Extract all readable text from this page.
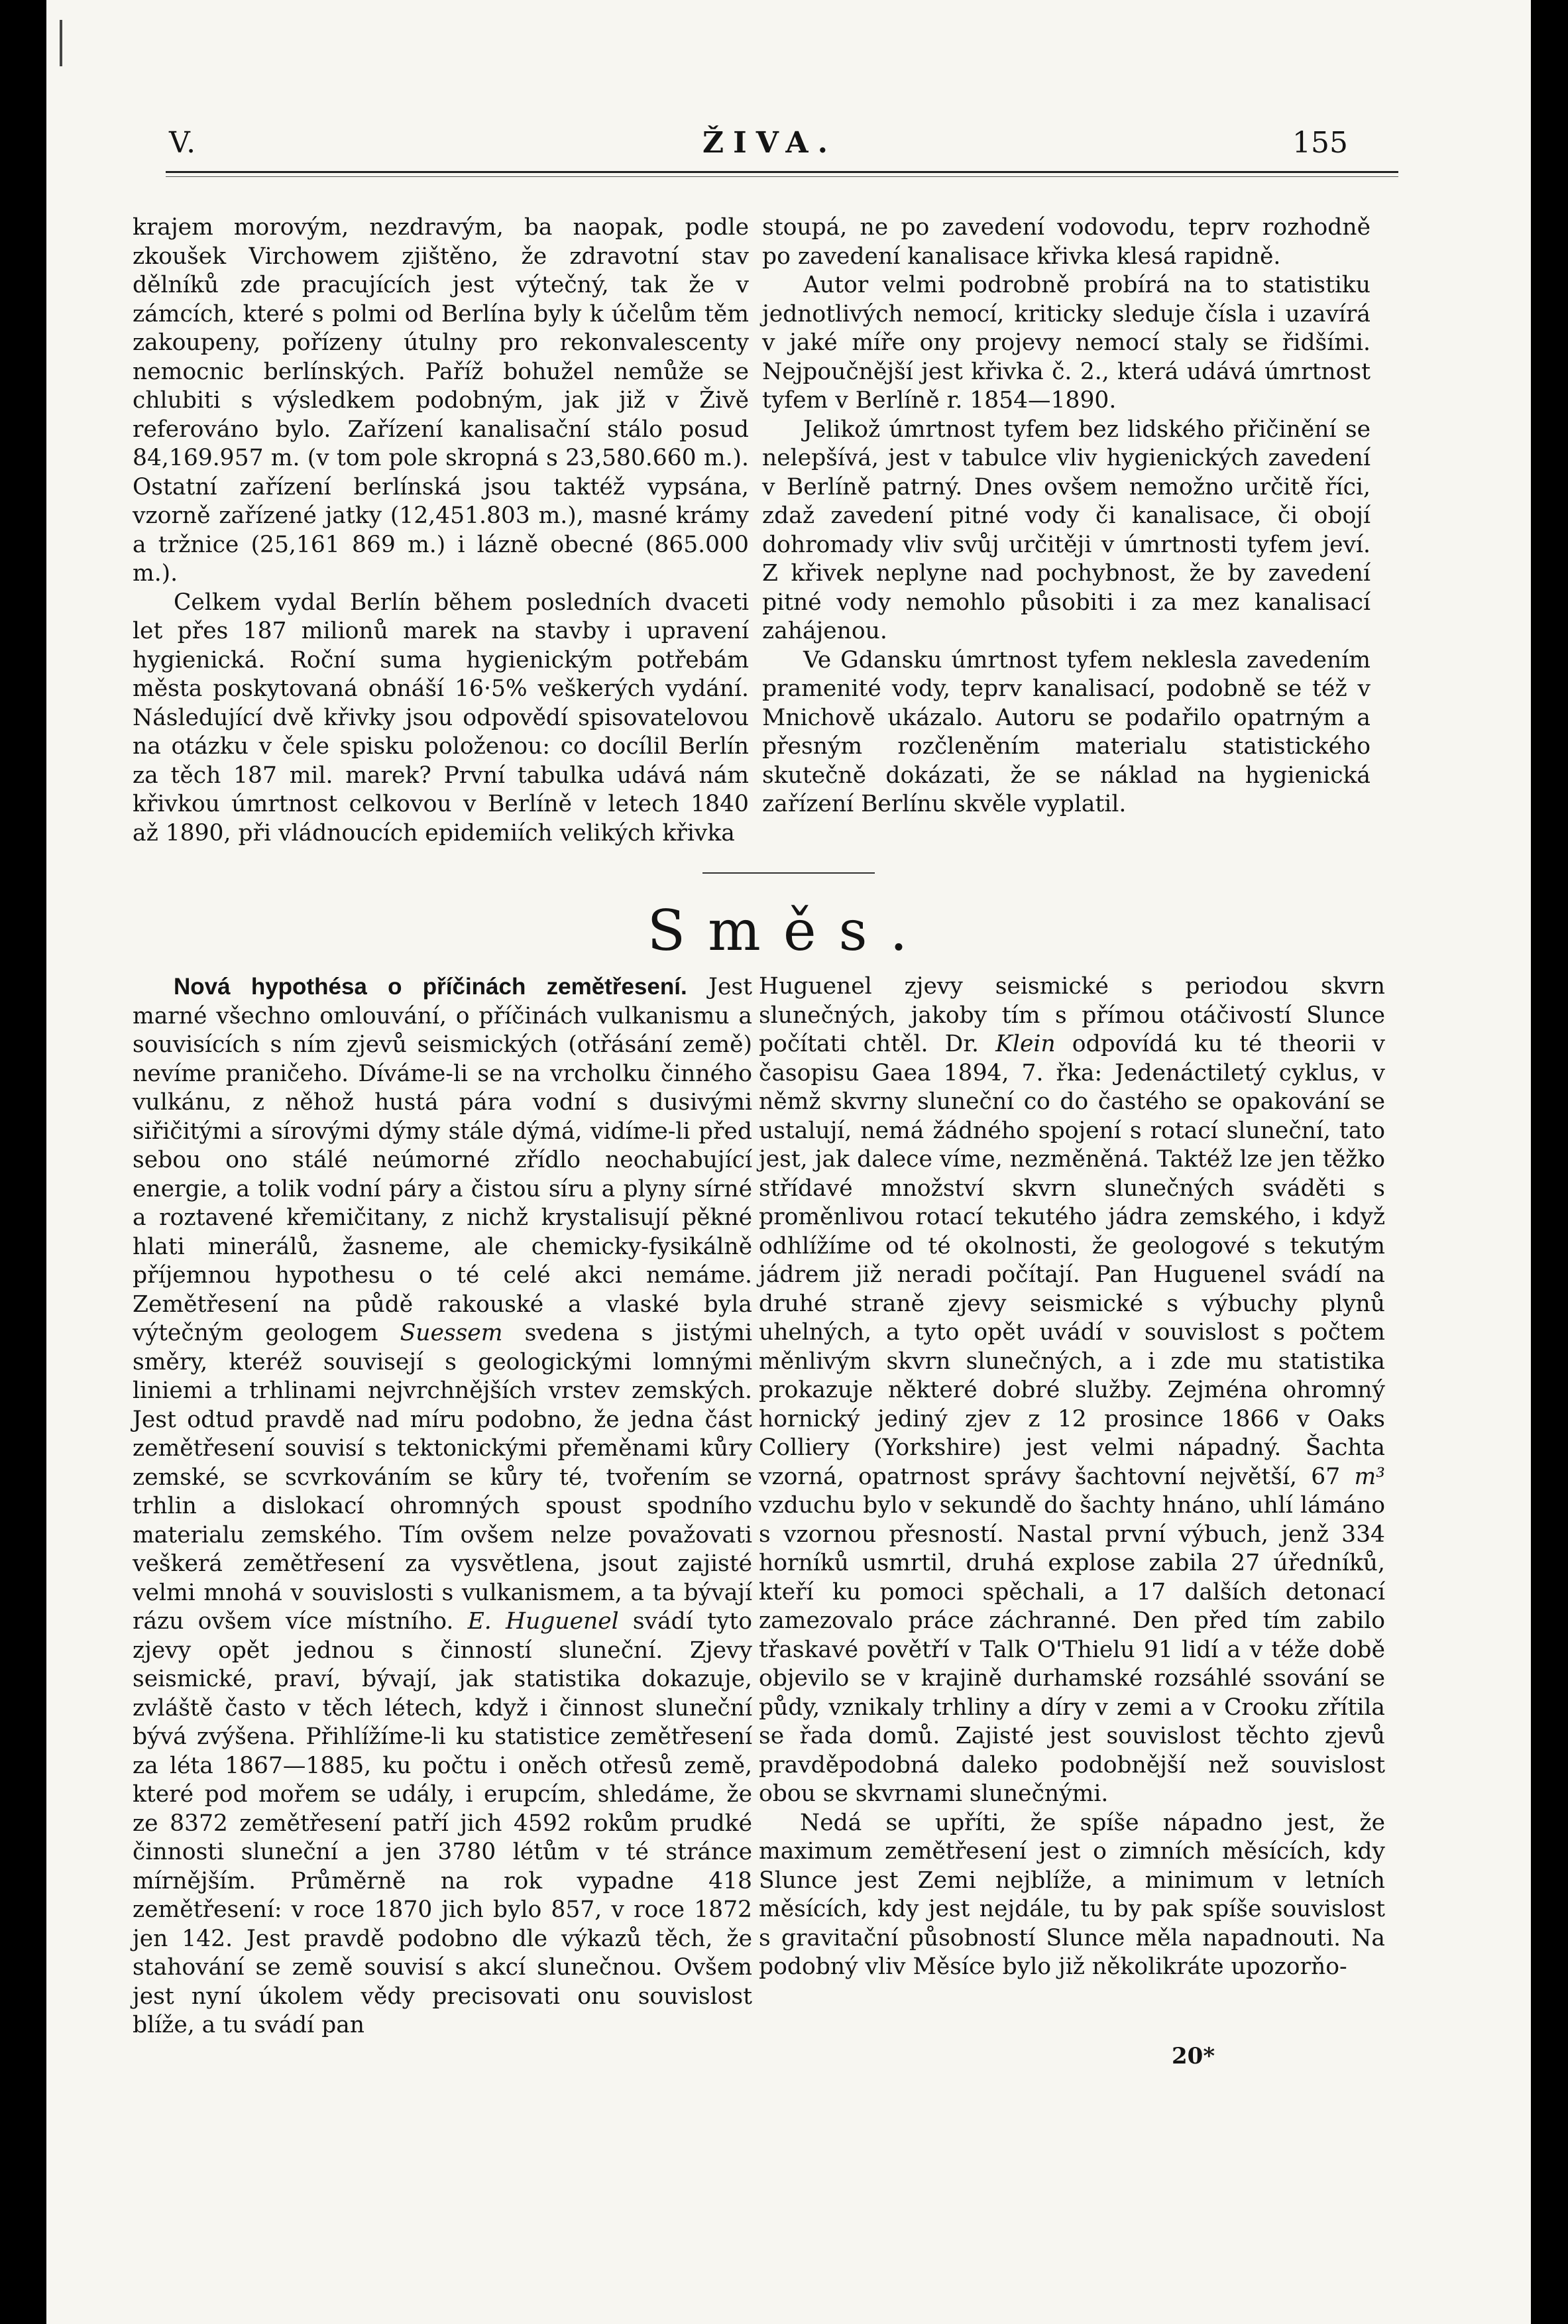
V.	ŽIVA.	155

krajem morovým, nezdravým, ba naopak, podle zkoušek Virchowem zjištěno, že zdravotní stav dělníků zde pracujících jest výtečný, tak že v zámcích, které s polmi od Berlína byly k účelům těm zakoupeny, pořízeny útulny pro rekonvalescenty nemocnic berlínských. Paříž bohužel nemůže se chlubiti s výsledkem podobným, jak již v Živě referováno bylo. Zařízení kanalisační stálo posud 84,169.957 m. (v tom pole skropná s 23,580.660 m.). Ostatní zařízení berlínská jsou taktéž vypsána, vzorně zařízené jatky (12,451.803 m.), masné krámy a tržnice (25,161 869 m.) i lázně obecné (865.000 m.).

Celkem vydal Berlín během posledních dvaceti let přes 187 milionů marek na stavby i upravení hygienická. Roční suma hygienickým potřebám města poskytovaná obnáší 16·5% veškerých vydání. Následující dvě křivky jsou odpovědí spisovatelovou na otázku v čele spisku položenou: co docílil Berlín za těch 187 mil. marek? První tabulka udává nám křivkou úmrtnost celkovou v Berlíně v letech 1840 až 1890, při vládnoucích epidemiích velikých křivka

stoupá, ne po zavedení vodovodu, teprv rozhodně po zavedení kanalisace křivka klesá rapidně.

Autor velmi podrobně probírá na to statistiku jednotlivých nemocí, kriticky sleduje čísla i uzavírá v jaké míře ony projevy nemocí staly se řidšími. Nejpoučnější jest křivka č. 2., která udává úmrtnost tyfem v Berlíně r. 1854—1890.

Jelikož úmrtnost tyfem bez lidského přičinění se nelepšívá, jest v tabulce vliv hygienických zavedení v Berlíně patrný. Dnes ovšem nemožno určitě říci, zdaž zavedení pitné vody či kanalisace, či obojí dohromady vliv svůj určitěji v úmrtnosti tyfem jeví. Z křivek neplyne nad pochybnost, že by zavedení pitné vody nemohlo působiti i za mez kanalisací zahájenou.

Ve Gdansku úmrtnost tyfem neklesla zavedením pramenité vody, teprv kanalisací, podobně se též v Mnichově ukázalo. Autoru se podařilo opatrným a přesným rozčleněním materialu statistického skutečně dokázati, že se náklad na hygienická zařízení Berlínu skvěle vyplatil.

Směs.

Nová hypothésa o příčinách zemětřesení. Jest marné všechno omlouvání, o příčinách vulkanismu a souvisících s ním zjevů seismických (otřásání země) nevíme praničeho. Díváme-li se na vrcholku činného vulkánu, z něhož hustá pára vodní s dusivými siřičitými a sírovými dýmy stále dýmá, vidíme-li před sebou ono stálé neúmorné zřídlo neochabující energie, a tolik vodní páry a čistou síru a plyny sírné a roztavené křemičitany, z nichž krystalisují pěkné hlati minerálů, žasneme, ale chemicky-fysikálně příjemnou hypothesu o té celé akci nemáme. Zemětřesení na půdě rakouské a vlaské byla výtečným geologem Suessem svedena s jistými směry, kteréž souvisejí s geologickými lomnými liniemi a trhlinami nejvrchnějších vrstev zemských. Jest odtud pravdě nad míru podobno, že jedna část zemětřesení souvisí s tektonickými přeměnami kůry zemské, se scvrkováním se kůry té, tvořením se trhlin a dislokací ohromných spoust spodního materialu zemského. Tím ovšem nelze považovati veškerá zemětřesení za vysvětlena, jsout zajisté velmi mnohá v souvislosti s vulkanismem, a ta bývají rázu ovšem více místního. E. Huguenel svádí tyto zjevy opět jednou s činností sluneční. Zjevy seismické, praví, bývají, jak statistika dokazuje, zvláště často v těch létech, když i činnost sluneční bývá zvýšena. Přihlížíme-li ku statistice zemětřesení za léta 1867—1885, ku počtu i oněch otřesů země, které pod mořem se udály, i erupcím, shledáme, že ze 8372 zemětřesení patří jich 4592 rokům prudké činnosti sluneční a jen 3780 létům v té stránce mírnějším. Průměrně na rok vypadne 418 zemětřesení: v roce 1870 jich bylo 857, v roce 1872 jen 142. Jest pravdě podobno dle výkazů těch, že stahování se země souvisí s akcí slunečnou. Ovšem jest nyní úkolem vědy precisovati onu souvislost blíže, a tu svádí pan

Huguenel zjevy seismické s periodou skvrn slunečných, jakoby tím s přímou otáčivostí Slunce počítati chtěl. Dr. Klein odpovídá ku té theorii v časopisu Gaea 1894, 7. řka: Jedenáctiletý cyklus, v němž skvrny sluneční co do častého se opakování se ustalují, nemá žádného spojení s rotací sluneční, tato jest, jak dalece víme, nezměněná. Taktéž lze jen těžko střídavé množství skvrn slunečných sváděti s proměnlivou rotací tekutého jádra zemského, i když odhlížíme od té okolnosti, že geologové s tekutým jádrem již neradi počítají. Pan Huguenel svádí na druhé straně zjevy seismické s výbuchy plynů uhelných, a tyto opět uvádí v souvislost s počtem měnlivým skvrn slunečných, a i zde mu statistika prokazuje některé dobré služby. Zejména ohromný hornický jediný zjev z 12 prosince 1866 v Oaks Colliery (Yorkshire) jest velmi nápadný. Šachta vzorná, opatrnost správy šachtovní největší, 67 m³ vzduchu bylo v sekundě do šachty hnáno, uhlí lámáno s vzornou přesností. Nastal první výbuch, jenž 334 horníků usmrtil, druhá explose zabila 27 úředníků, kteří ku pomoci spěchali, a 17 dalších detonací zamezovalo práce záchranné. Den před tím zabilo třaskavé povětří v Talk O'Thielu 91 lidí a v téže době objevilo se v krajině durhamské rozsáhlé ssování se půdy, vznikaly trhliny a díry v zemi a v Crooku zřítila se řada domů. Zajisté jest souvislost těchto zjevů pravděpodobná daleko podobnější než souvislost obou se skvrnami slunečnými.

Nedá se upříti, že spíše nápadno jest, že maximum zemětřesení jest o zimních měsících, kdy Slunce jest Zemi nejblíže, a minimum v letních měsících, kdy jest nejdále, tu by pak spíše souvislost s gravitační působností Slunce měla napadnouti. Na podobný vliv Měsíce bylo již několikráte upozorňo-

20*
